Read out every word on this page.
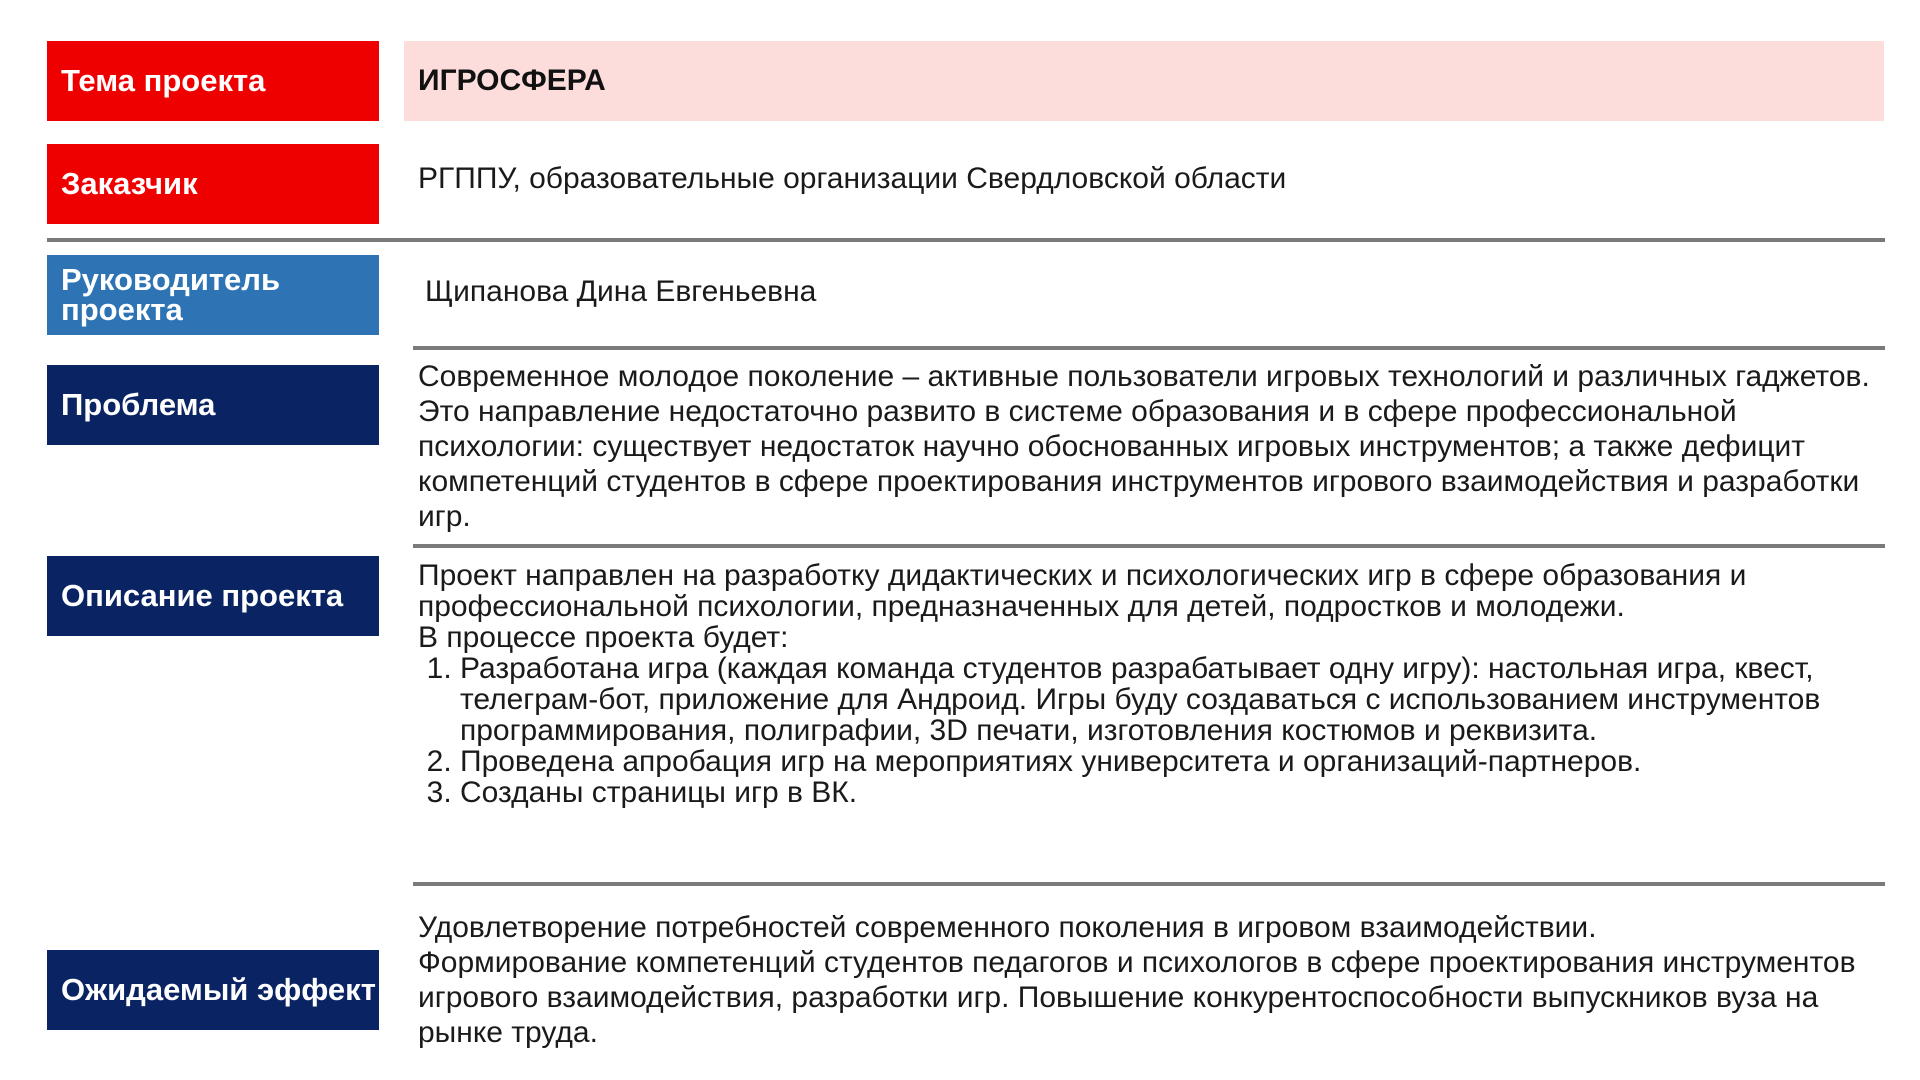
Тема проекта	ИГРОСФЕРА
Заказчик	РГППУ, образовательные организации Свердловской области
Руководитель проекта
Щипанова Дина Евгеньевна
Проблема

Современное молодое поколение – активные пользователи игровых технологий и различных гаджетов. Это направление недостаточно развито в системе образования и в сфере профессиональной психологии: существует недостаток научно обоснованных игровых инструментов; а также дефицит компетенций студентов в сфере проектирования инструментов игрового взаимодействия и разработки игр.

Описание проекта

Проект направлен на разработку дидактических и психологических игр в сфере образования и профессиональной психологии, предназначенных для детей, подростков и молодежи.

В процессе проекта будет:

1. Разработана игра (каждая команда студентов разрабатывает одну игру): настольная игра, квест, телеграм-бот, приложение для Андроид. Игры буду создаваться с использованием инструментов программирования, полиграфии, 3D печати, изготовления костюмов и реквизита.
2. Проведена апробация игр на мероприятиях университета и организаций-партнеров.
3. Созданы страницы игр в ВК.
Ожидаемый эффект

Удовлетворение потребностей современного поколения в игровом взаимодействии.

Формирование компетенций студентов педагогов и психологов в сфере проектирования инструментов игрового взаимодействия, разработки игр. Повышение конкурентоспособности выпускников вуза на рынке труда.
